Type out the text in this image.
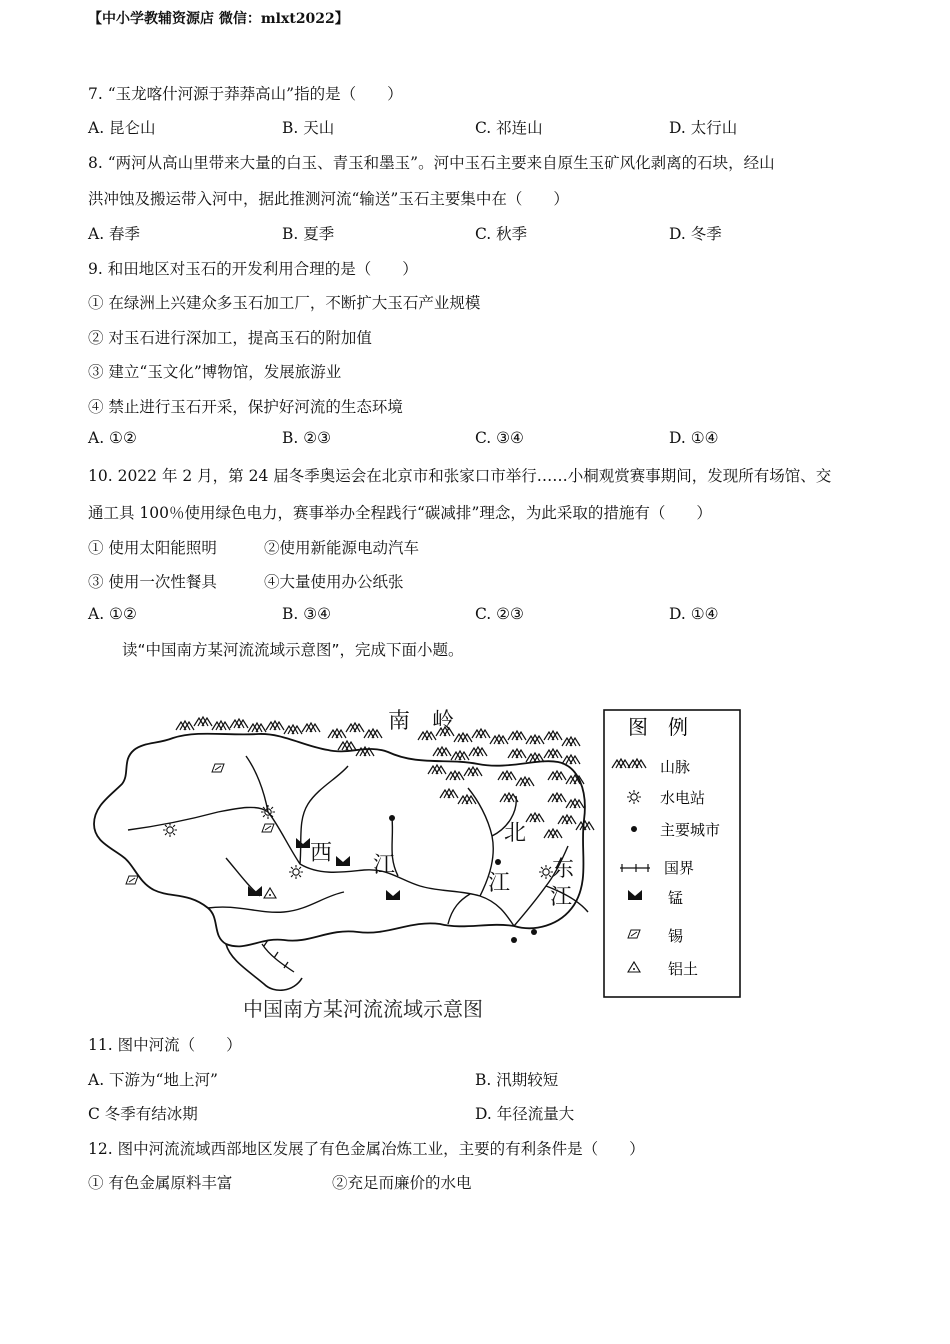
【中小学教辅资源店 微信：mlxt2022】
7. “玉龙喀什河源于莽莽高山”指的是（　　）
A. 昆仑山	B. 天山	C. 祁连山	D. 太行山
8. “两河从高山里带来大量的白玉、青玉和墨玉”。河中玉石主要来自原生玉矿风化剥离的石块，经山
洪冲蚀及搬运带入河中，据此推测河流“输送”玉石主要集中在（　　）
A. 春季	B. 夏季	C. 秋季	D. 冬季
9. 和田地区对玉石的开发利用合理的是（　　）
① 在绿洲上兴建众多玉石加工厂，不断扩大玉石产业规模
② 对玉石进行深加工，提高玉石的附加值
③ 建立“玉文化”博物馆，发展旅游业
④ 禁止进行玉石开采，保护好河流的生态环境
A. ①②	B. ②③	C. ③④	D. ①④
10. 2022 年 2 月，第 24 届冬季奥运会在北京市和张家口市举行……小桐观赏赛事期间，发现所有场馆、交
通工具 100％使用绿色电力，赛事举办全程践行“碳减排”理念，为此采取的措施有（　　）
① 使用太阳能照明	②使用新能源电动汽车
③ 使用一次性餐具	④大量使用办公纸张
A. ①②	B. ③④	C. ②③	D. ①④
读“中国南方某河流流域示意图”，完成下面小题。
南　岭
西 江
北
江
东
江
中国南方某河流流域示意图
图　例
山脉
水电站
主要城市
国界
锰
锡
铝土
11. 图中河流（　　）
A. 下游为“地上河”	B. 汛期较短
C 冬季有结冰期	D. 年径流量大
12. 图中河流流域西部地区发展了有色金属冶炼工业，主要的有利条件是（　　）
① 有色金属原料丰富	②充足而廉价的水电
